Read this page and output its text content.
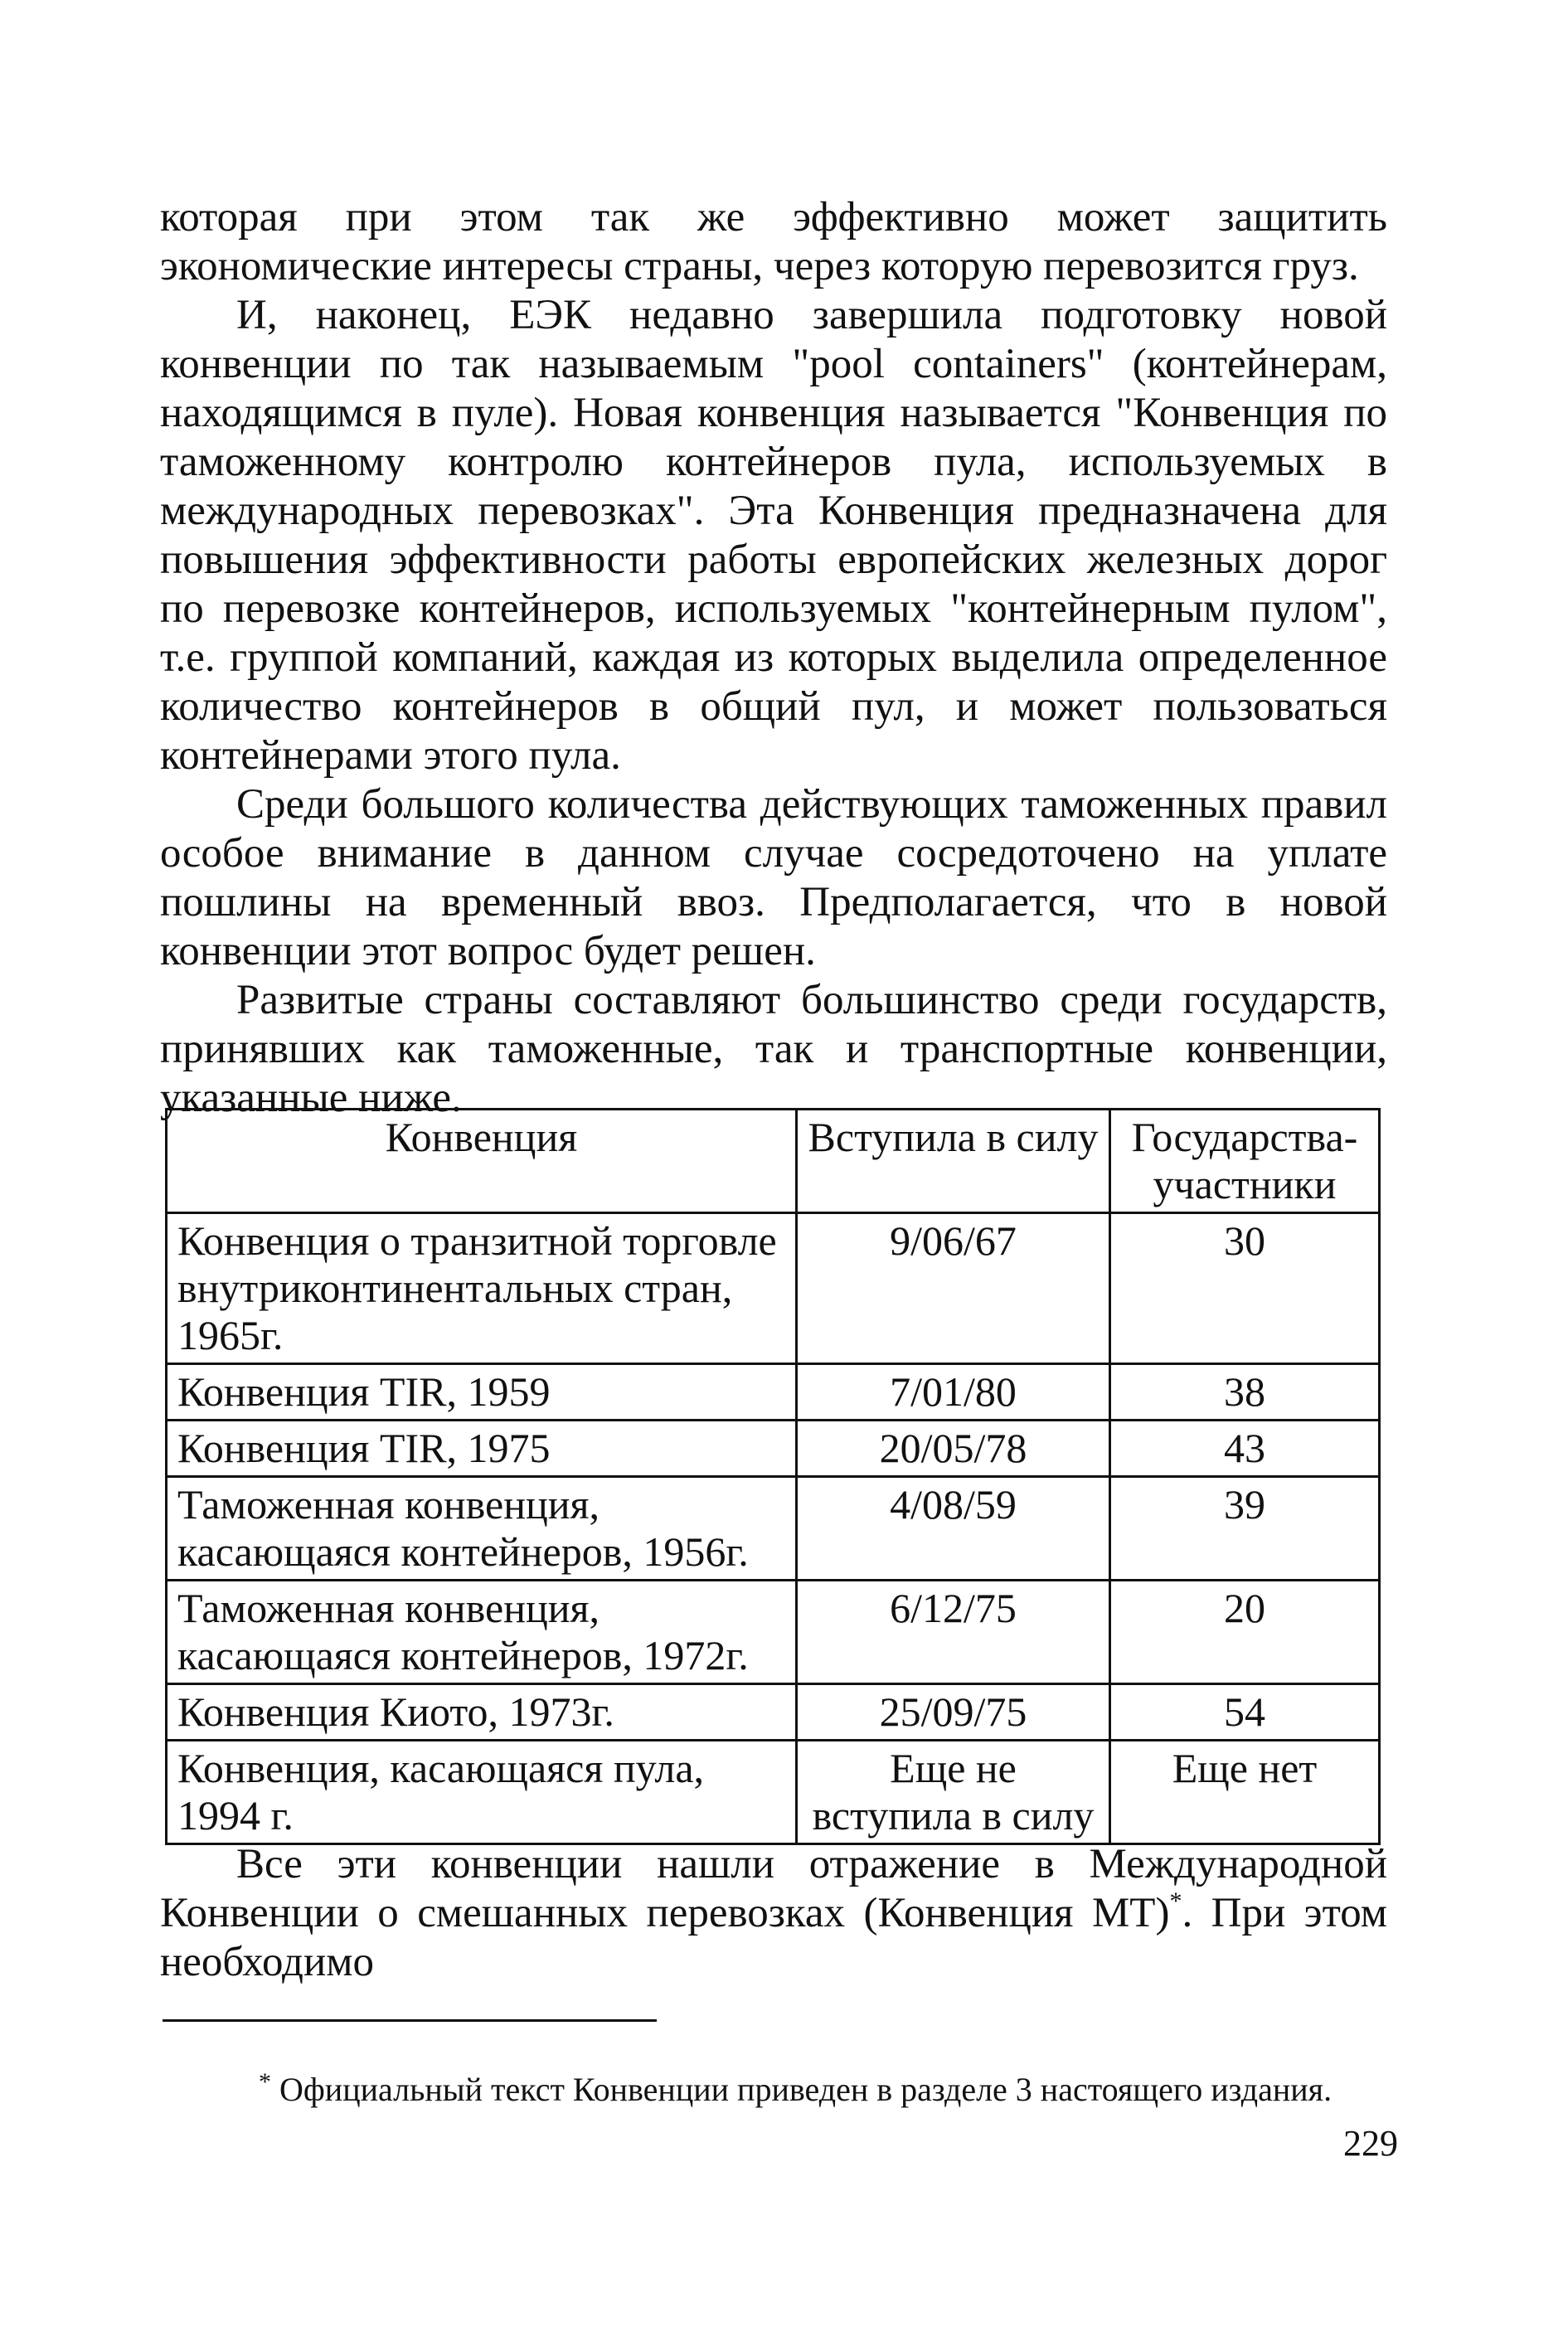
которая при этом так же эффективно может защитить экономические интересы страны, через которую перевозится груз.

И, наконец, ЕЭК недавно завершила подготовку новой конвенции по так называемым "pool containers" (контейнерам, находящимся в пуле). Новая конвенция называется "Конвенция по таможенному контролю контейнеров пула, используемых в международных перевозках". Эта Конвенция предназначена для повышения эффективности работы европейских железных дорог по перевозке контейнеров, используемых "контейнерным пулом", т.е. группой компаний, каждая из которых выделила определенное количество контейнеров в общий пул, и может пользоваться контейнерами этого пула.

Среди большого количества действующих таможенных правил особое внимание в данном случае сосредоточено на уплате пошлины на временный ввоз. Предполагается, что в новой конвенции этот вопрос будет решен.

Развитые страны составляют большинство среди государств, принявших как таможенные, так и транспортные конвенции, указанные ниже.

Конвенция	Вступила в силу	Государства-участники
Конвенция о транзитной торговле внутриконтинентальных стран, 1965г.	9/06/67	30
Конвенция TIR, 1959	7/01/80	38
Конвенция TIR, 1975	20/05/78	43
Таможенная конвенция, касающаяся контейнеров, 1956г.	4/08/59	39
Таможенная конвенция, касающаяся контейнеров, 1972г.	6/12/75	20
Конвенция Киото, 1973г.	25/09/75	54
Конвенция, касающаяся пула, 1994 г.	Еще не вступила в силу	Еще нет

Все эти конвенции нашли отражение в Международной Конвенции о смешанных перевозках (Конвенция МТ)*. При этом необходимо

* Официальный текст Конвенции приведен в разделе 3 настоящего издания.
229
